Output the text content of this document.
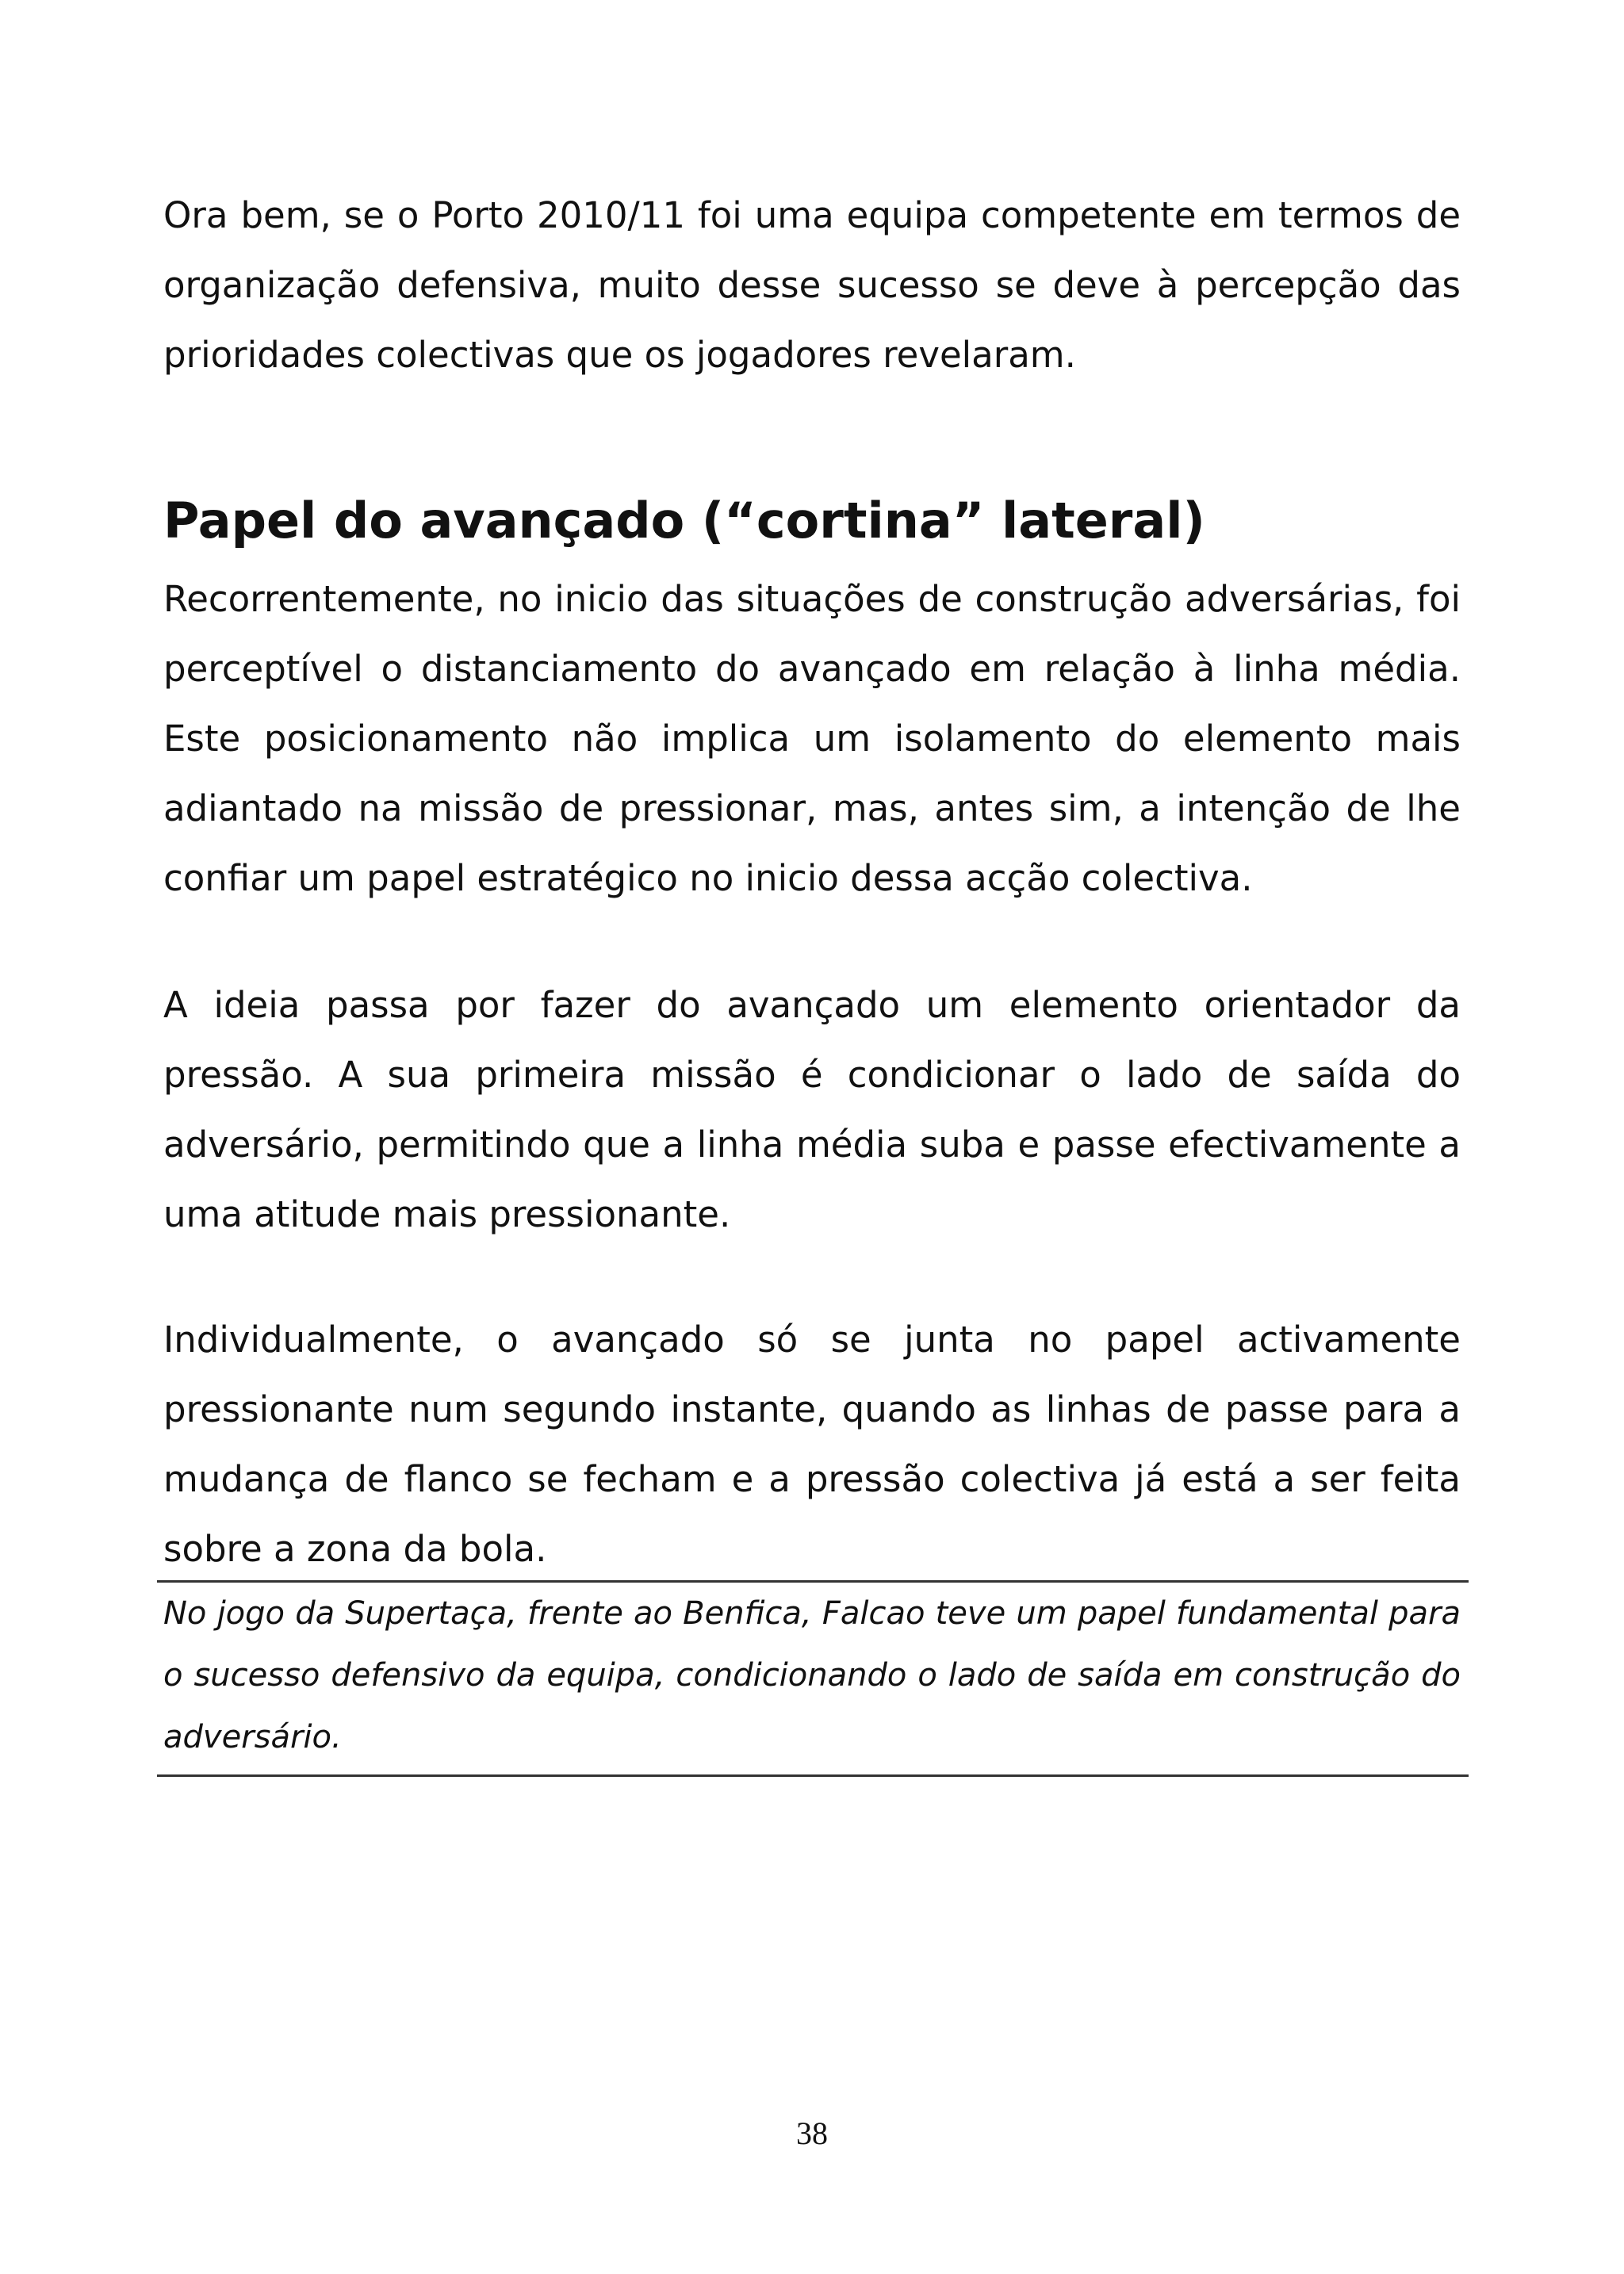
Ora bem, se o Porto 2010/11 foi uma equipa competente em termos de organização defensiva, muito desse sucesso se deve à percepção das prioridades colectivas que os jogadores revelaram.

Papel do avançado (“cortina” lateral)

Recorrentemente, no inicio das situações de construção adversárias, foi perceptível o distanciamento do avançado em relação à linha média. Este posicionamento não implica um isolamento do elemento mais adiantado na missão de pressionar, mas, antes sim, a intenção de lhe confiar um papel estratégico no inicio dessa acção colectiva.

A ideia passa por fazer do avançado um elemento orientador da pressão. A sua primeira missão é condicionar o lado de saída do adversário, permitindo que a linha média suba e passe efectivamente a uma atitude mais pressionante.

Individualmente, o avançado só se junta no papel activamente pressionante num segundo instante, quando as linhas de passe para a mudança de flanco se fecham e a pressão colectiva já está a ser feita sobre a zona da bola.

No jogo da Supertaça, frente ao Benfica, Falcao teve um papel fundamental para o sucesso defensivo da equipa, condicionando o lado de saída em construção do adversário.

38
